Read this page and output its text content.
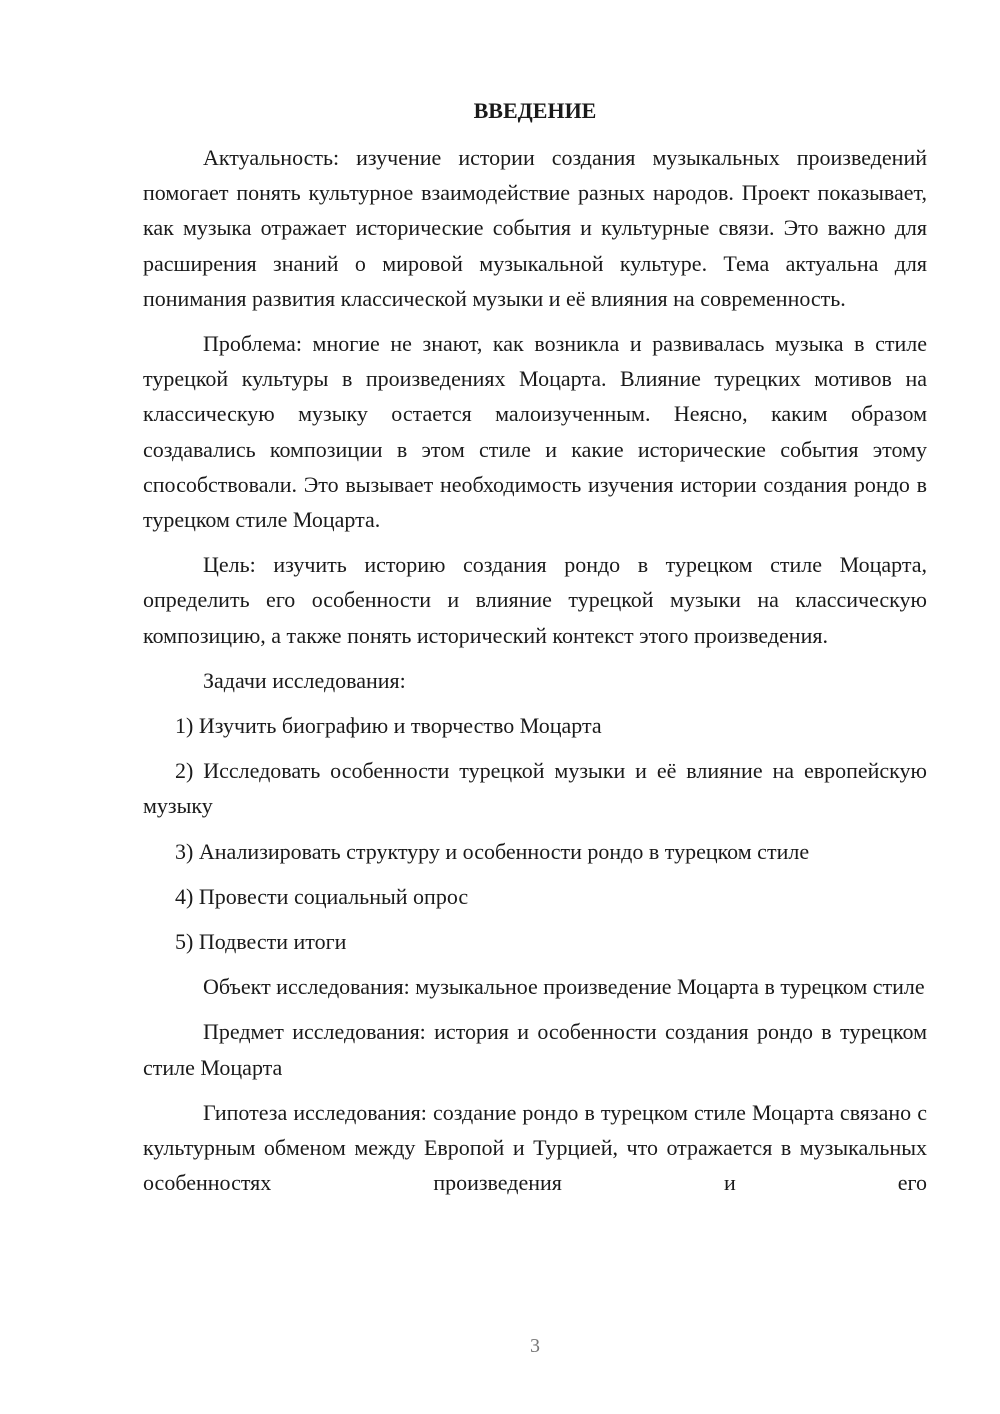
ВВЕДЕНИЕ

Актуальность: изучение истории создания музыкальных произведений помогает понять культурное взаимодействие разных народов. Проект показывает, как музыка отражает исторические события и культурные связи. Это важно для расширения знаний о мировой музыкальной культуре. Тема актуальна для понимания развития классической музыки и её влияния на современность.

Проблема: многие не знают, как возникла и развивалась музыка в стиле турецкой культуры в произведениях Моцарта. Влияние турецких мотивов на классическую музыку остается малоизученным. Неясно, каким образом создавались композиции в этом стиле и какие исторические события этому способствовали. Это вызывает необходимость изучения истории создания рондо в турецком стиле Моцарта.

Цель: изучить историю создания рондо в турецком стиле Моцарта, определить его особенности и влияние турецкой музыки на классическую композицию, а также понять исторический контекст этого произведения.

Задачи исследования:

1) Изучить биографию и творчество Моцарта

2) Исследовать особенности турецкой музыки и её влияние на европейскую музыку

3) Анализировать структуру и особенности рондо в турецком стиле

4) Провести социальный опрос

5) Подвести итоги

Объект исследования: музыкальное произведение Моцарта в турецком стиле

Предмет исследования: история и особенности создания рондо в турецком стиле Моцарта

Гипотеза исследования: создание рондо в турецком стиле Моцарта связано с культурным обменом между Европой и Турцией, что отражается в музыкальных особенностях произведения и его

3
